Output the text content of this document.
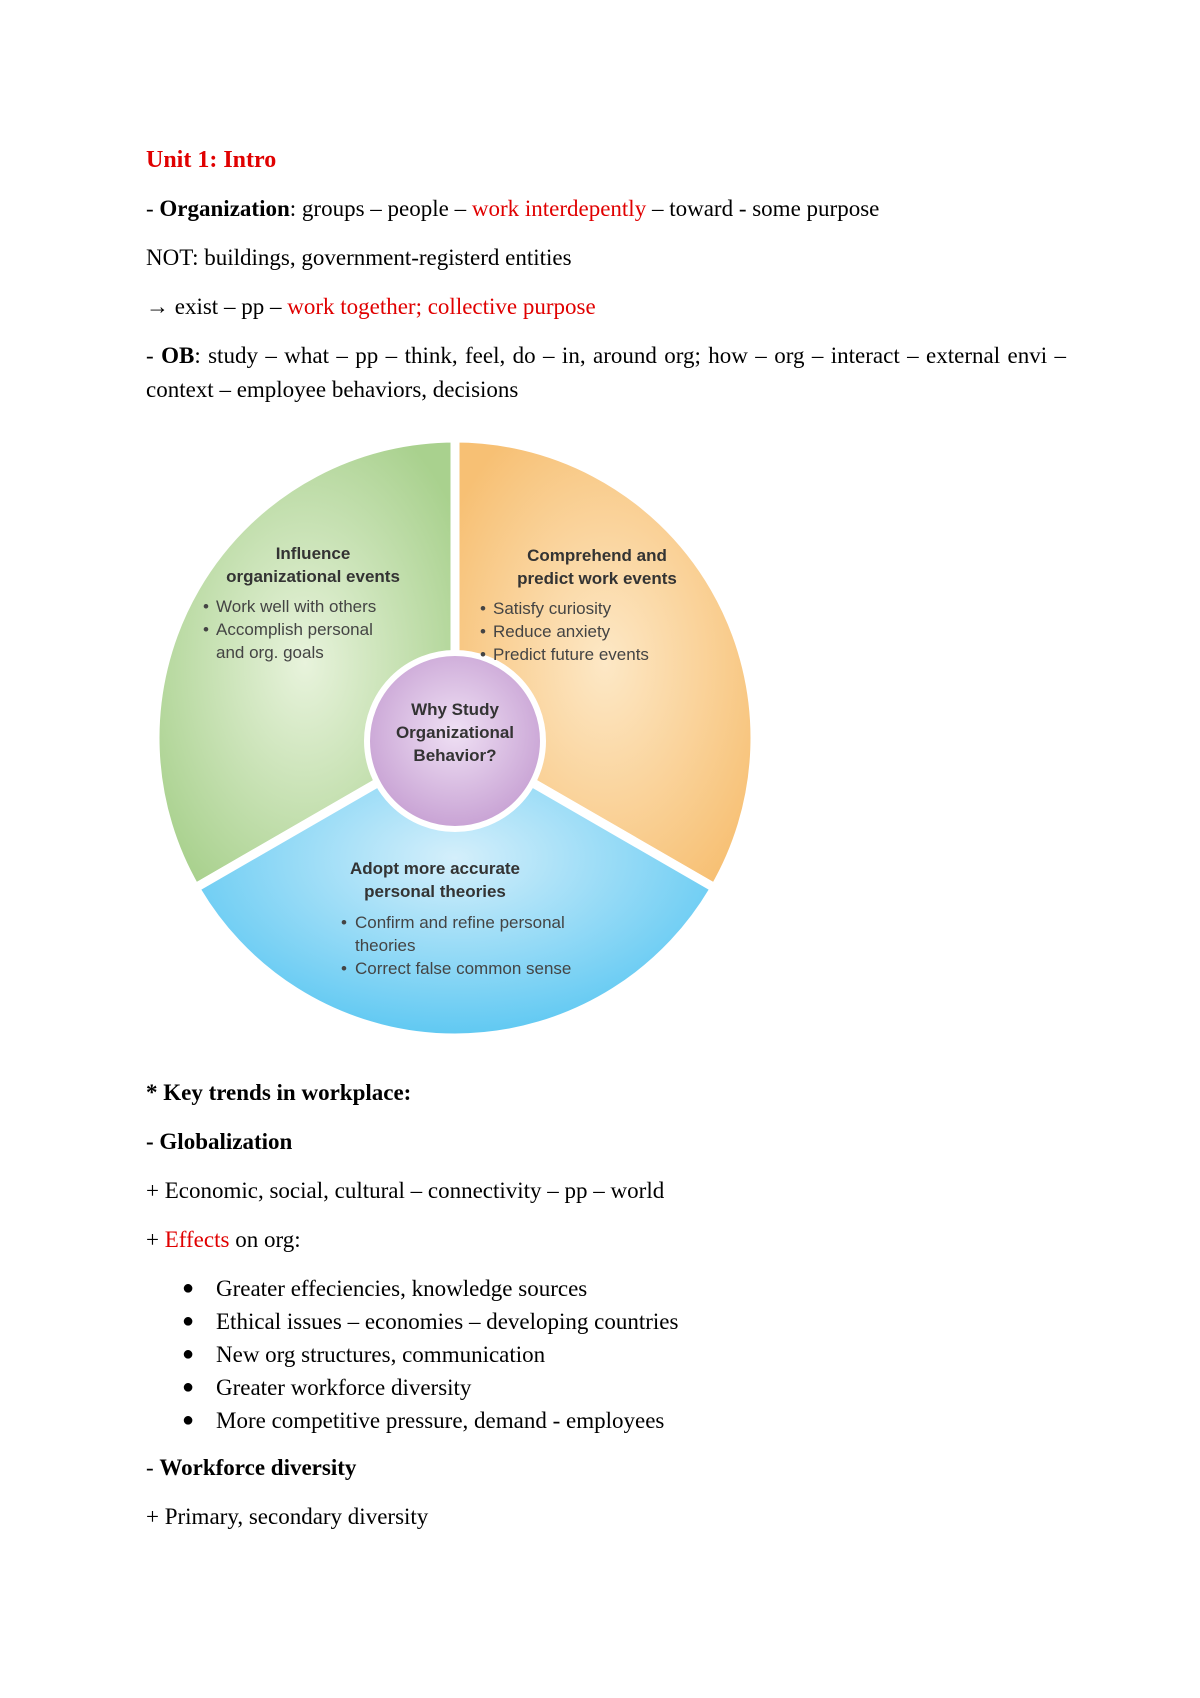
Unit 1: Intro

- Organization: groups – people – work interdepently – toward - some purpose

NOT: buildings, government-registerd entities

→ exist – pp – work together; collective purpose

- OB: study – what – pp – think, feel, do – in, around org; how – org – interact – external envi – context – employee behaviors, decisions

Why Study
Organizational
Behavior?
Influence
organizational events
• Work well with others
• Accomplish personal
and org. goals
Comprehend and
predict work events
• Satisfy curiosity
• Reduce anxiety
• Predict future events
Adopt more accurate
personal theories
• Confirm and refine personal
theories
• Correct false common sense

* Key trends in workplace:

- Globalization

+ Economic, social, cultural – connectivity – pp – world

+ Effects on org:

● Greater effeciencies, knowledge sources
● Ethical issues – economies – developing countries
● New org structures, communication
● Greater workforce diversity
● More competitive pressure, demand - employees

- Workforce diversity

+ Primary, secondary diversity
